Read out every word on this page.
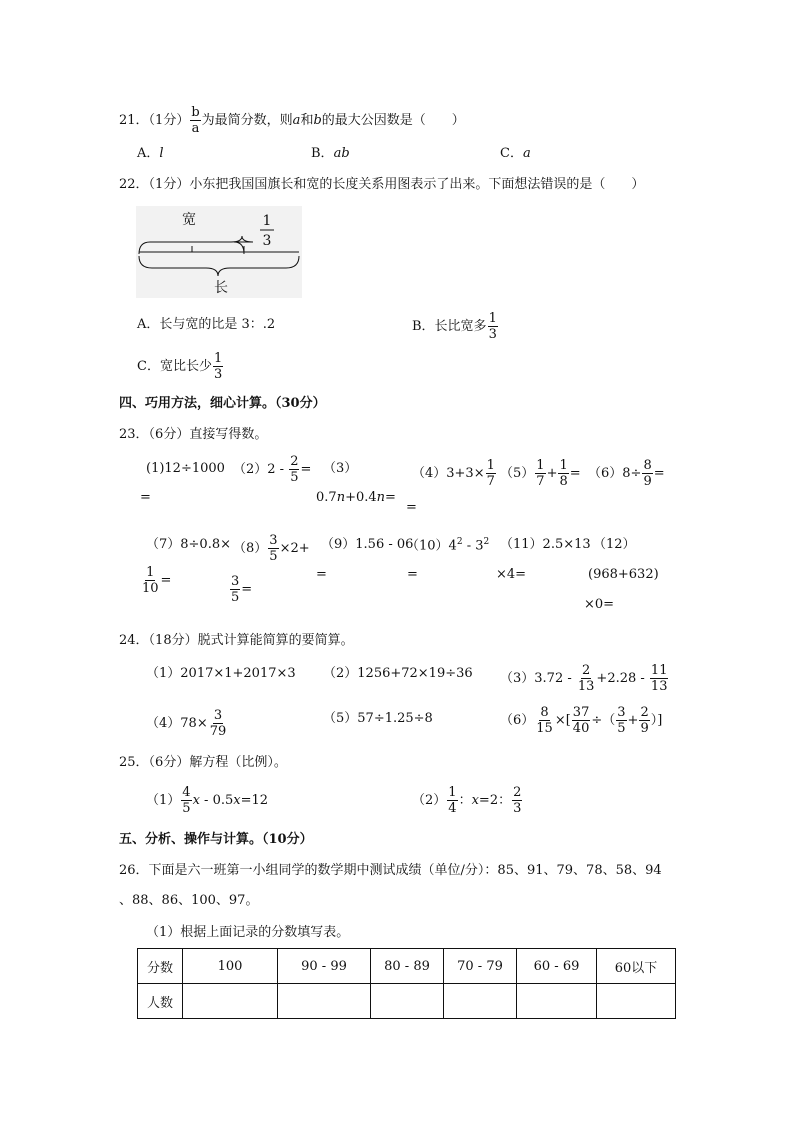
21．（1分） $\frac{b}{a}$ 为最简分数，则a和b的最大公因数是（　　）
A．l	B．ab	C．a
22．（1分）小东把我国国旗长和宽的长度关系用图表示了出来。下面想法错误的是（　　）
宽
长
1
3
A．长与宽的比是 3：.2	B．长比宽多 $\frac{1}{3}$
C．宽比长少 $\frac{1}{3}$
四、巧用方法，细心计算。（30分）
23．（6分）直接写得数。
(1)12÷1000
=
$(2)2 - \frac{2}{5} = (3)$
0.7n+0.4n=
=
$(4)3+3\times \frac{1}{7} (5) \frac{1}{7} + \frac{1}{8} = (6)8\div \frac{8}{9}$ =
（7）8÷0.8×
$\frac{1}{10}$ =
$(8) \frac{3}{5} \times 2+$
$\frac{3}{5}$ =
（9）1.56 - 06
=
$(10)4^2 - 3^2$
=
（11）2.5×13
×4=
（12）
(968+632)
×0=
24．（18分）脱式计算能简算的要简算。
（1）2017×1+2017×3 （2）1256+72×19÷36 $(3)3.72 - \frac{2}{13} +2.28 - \frac{11}{13}$
$(4)78\times \frac{3}{79}$	（5）57÷1.25÷8	$(6) \frac{8}{15}$ ×[ $\frac{37}{40}$ ÷（ $\frac{3}{5} + \frac{2}{9}$ ）]
25．（6分）解方程（比例）。
$(1) \frac{4}{5}$ x - 0.5x=12	$(2) \frac{1}{4}$ ：x=2： $\frac{2}{3}$
五、分析、操作与计算。（10分）
26．下面是六一班第一小组同学的数学期中测试成绩（单位/分）：85、91、79、78、58、94
、88、86、100、97。
（1）根据上面记录的分数填写表。
分数	100	90 - 99	80 - 89	70 - 79	60 - 69	60以下
人数						
